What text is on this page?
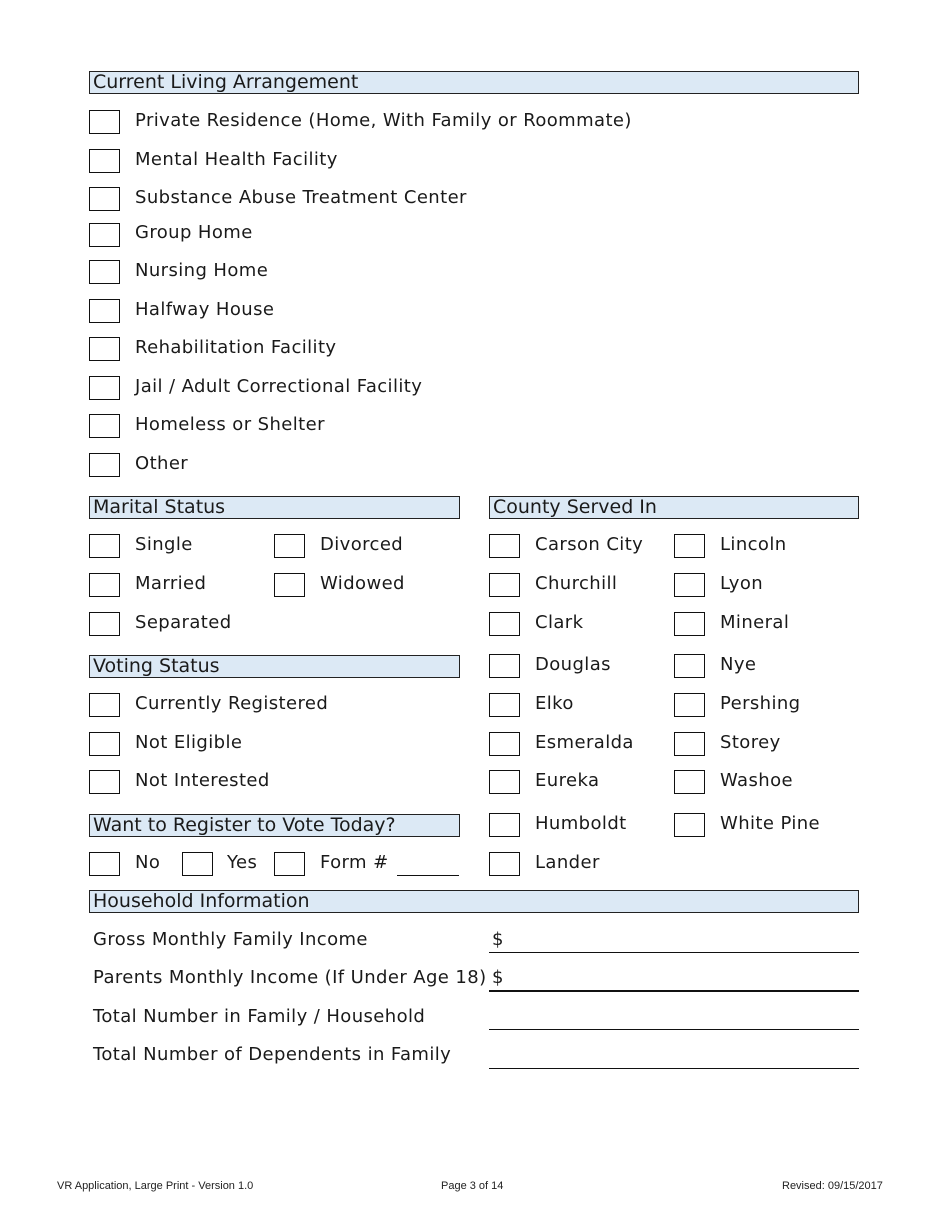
Current Living Arrangement
Private Residence (Home, With Family or Roommate)
Mental Health Facility
Substance Abuse Treatment Center
Group Home
Nursing Home
Halfway House
Rehabilitation Facility
Jail / Adult Correctional Facility
Homeless or Shelter
Other
Marital Status
Single	Divorced
Married	Widowed
Separated
County Served In
Carson City	Lincoln
Churchill	Lyon
Clark	Mineral
Douglas	Nye
Elko	Pershing
Esmeralda	Storey
Eureka	Washoe
Humboldt	White Pine
Lander
Voting Status
Currently Registered
Not Eligible
Not Interested
Want to Register to Vote Today?
No	Yes	Form #
Household Information
Gross Monthly Family Income	$
Parents Monthly Income (If Under Age 18) $
Total Number in Family / Household
Total Number of Dependents in Family
VR Application, Large Print - Version 1.0	Page 3 of 14	Revised: 09/15/2017
